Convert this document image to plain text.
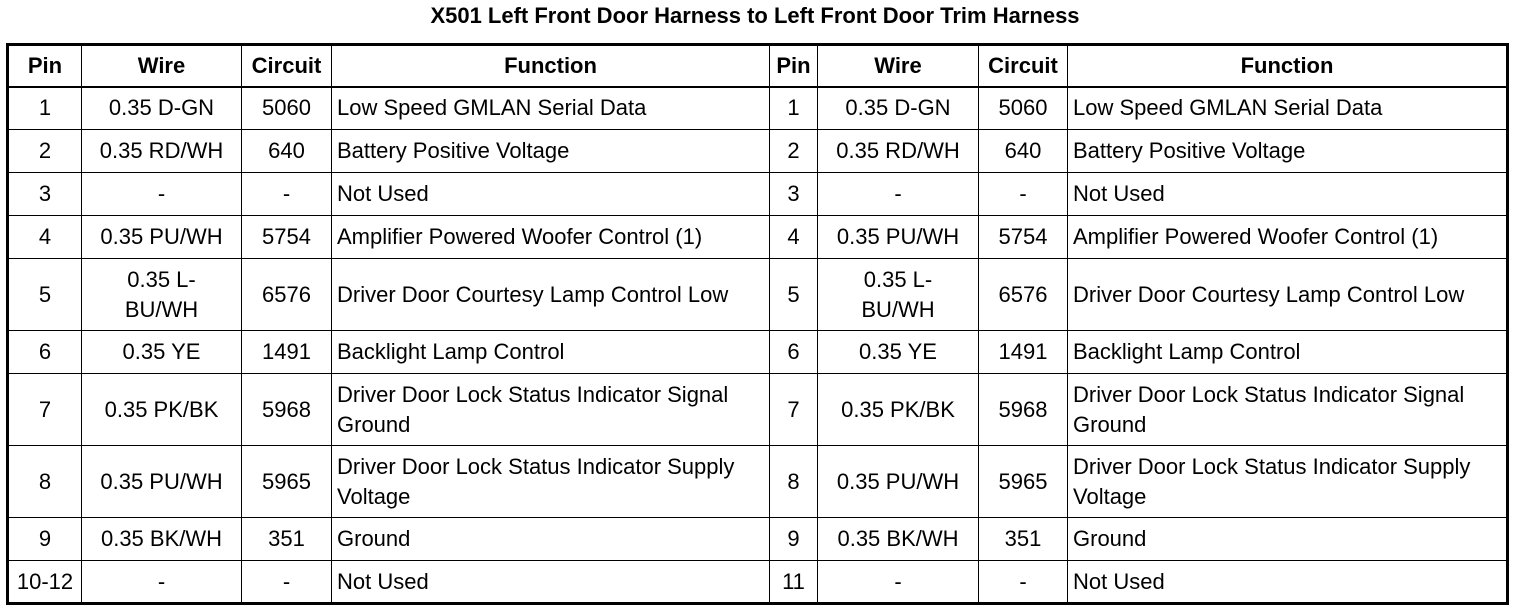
X501 Left Front Door Harness to Left Front Door Trim Harness
Pin	Wire	Circuit	Function	Pin	Wire	Circuit	Function
1	0.35 D-GN	5060	Low Speed GMLAN Serial Data	1	0.35 D-GN	5060	Low Speed GMLAN Serial Data
2	0.35 RD/WH	640	Battery Positive Voltage	2	0.35 RD/WH	640	Battery Positive Voltage
3	-	-	Not Used	3	-	-	Not Used
4	0.35 PU/WH	5754	Amplifier Powered Woofer Control (1)	4	0.35 PU/WH	5754	Amplifier Powered Woofer Control (1)
5	0.35 L-BU/WH	6576	Driver Door Courtesy Lamp Control Low	5	0.35 L-BU/WH	6576	Driver Door Courtesy Lamp Control Low
6	0.35 YE	1491	Backlight Lamp Control	6	0.35 YE	1491	Backlight Lamp Control
7	0.35 PK/BK	5968	Driver Door Lock Status Indicator Signal Ground	7	0.35 PK/BK	5968	Driver Door Lock Status Indicator Signal Ground
8	0.35 PU/WH	5965	Driver Door Lock Status Indicator Supply Voltage	8	0.35 PU/WH	5965	Driver Door Lock Status Indicator Supply Voltage
9	0.35 BK/WH	351	Ground	9	0.35 BK/WH	351	Ground
10-12	-	-	Not Used	11	-	-	Not Used
